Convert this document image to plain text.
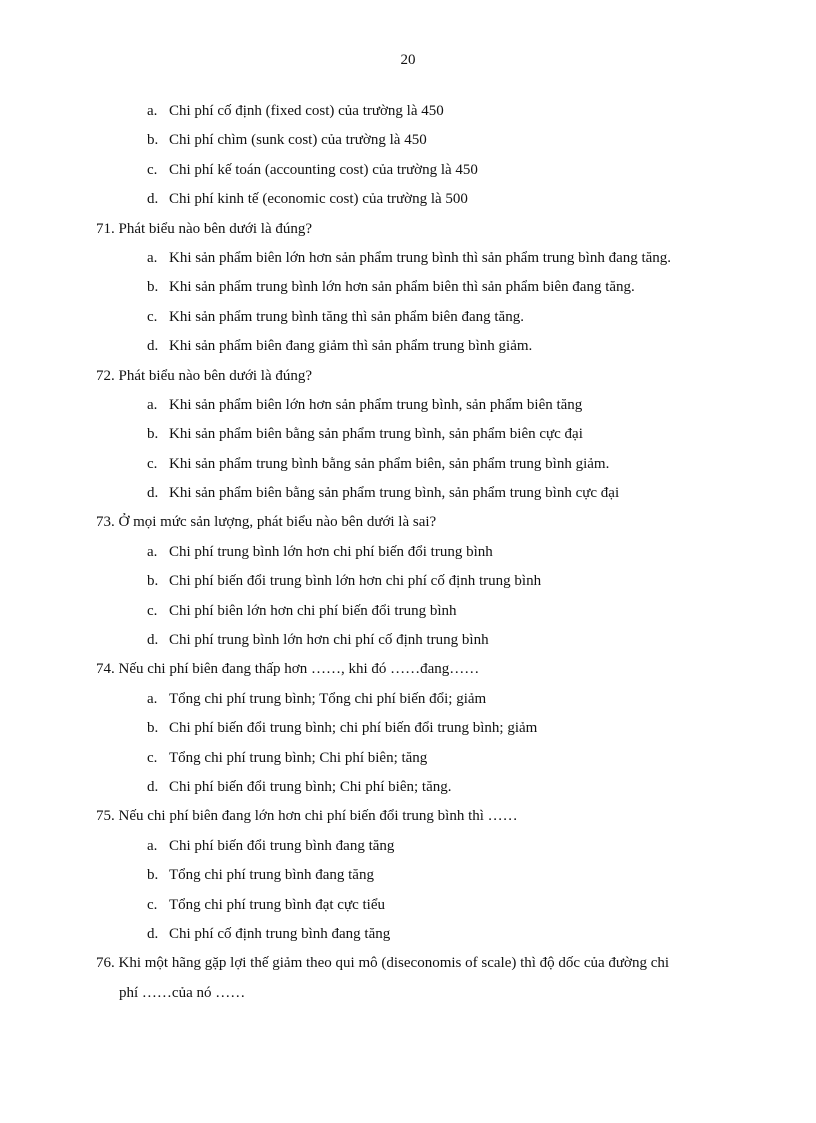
20
a. Chi phí cố định (fixed cost) của trường là 450
b. Chi phí chìm (sunk cost) của trường là 450
c. Chi phí kế toán (accounting cost) của trường là 450
d. Chi phí kinh tế (economic cost) của trường là 500
71. Phát biểu nào bên dưới là đúng?
a. Khi sản phẩm biên lớn hơn sản phẩm trung bình thì sản phẩm trung bình đang tăng.
b. Khi sản phẩm trung bình lớn hơn sản phẩm biên thì sản phẩm biên đang tăng.
c. Khi sản phẩm trung bình tăng thì sản phẩm biên đang tăng.
d. Khi sản phẩm biên đang giảm thì sản phẩm trung bình giảm.
72. Phát biểu nào bên dưới là đúng?
a. Khi sản phẩm biên lớn hơn sản phẩm trung bình, sản phẩm biên tăng
b. Khi sản phẩm biên bằng sản phẩm trung bình, sản phẩm biên cực đại
c. Khi sản phẩm trung bình bằng sản phẩm biên, sản phẩm trung bình giảm.
d. Khi sản phẩm biên bằng sản phẩm trung bình, sản phẩm trung bình cực đại
73. Ở mọi mức sản lượng, phát biểu nào bên dưới là sai?
a. Chi phí trung bình lớn hơn chi phí biến đổi trung bình
b. Chi phí biến đổi trung bình lớn hơn chi phí cố định trung bình
c. Chi phí biên lớn hơn chi phí biến đổi trung bình
d. Chi phí trung bình lớn hơn chi phí cố định trung bình
74. Nếu chi phí biên đang thấp hơn ……, khi đó ……đang……
a. Tổng chi phí trung bình; Tổng chi phí biến đổi; giảm
b. Chi phí biến đổi trung bình; chi phí biến đổi trung bình; giảm
c. Tổng chi phí trung bình; Chi phí biên; tăng
d. Chi phí biến đổi trung bình; Chi phí biên; tăng.
75. Nếu chi phí biên đang lớn hơn chi phí biến đổi trung bình thì ……
a. Chi phí biến đổi trung bình đang tăng
b. Tổng chi phí trung bình đang tăng
c. Tổng chi phí trung bình đạt cực tiểu
d. Chi phí cố định trung bình đang tăng
76. Khi một hãng gặp lợi thế giảm theo qui mô (diseconomis of scale) thì độ dốc của đường chi
phí ……của nó ……
